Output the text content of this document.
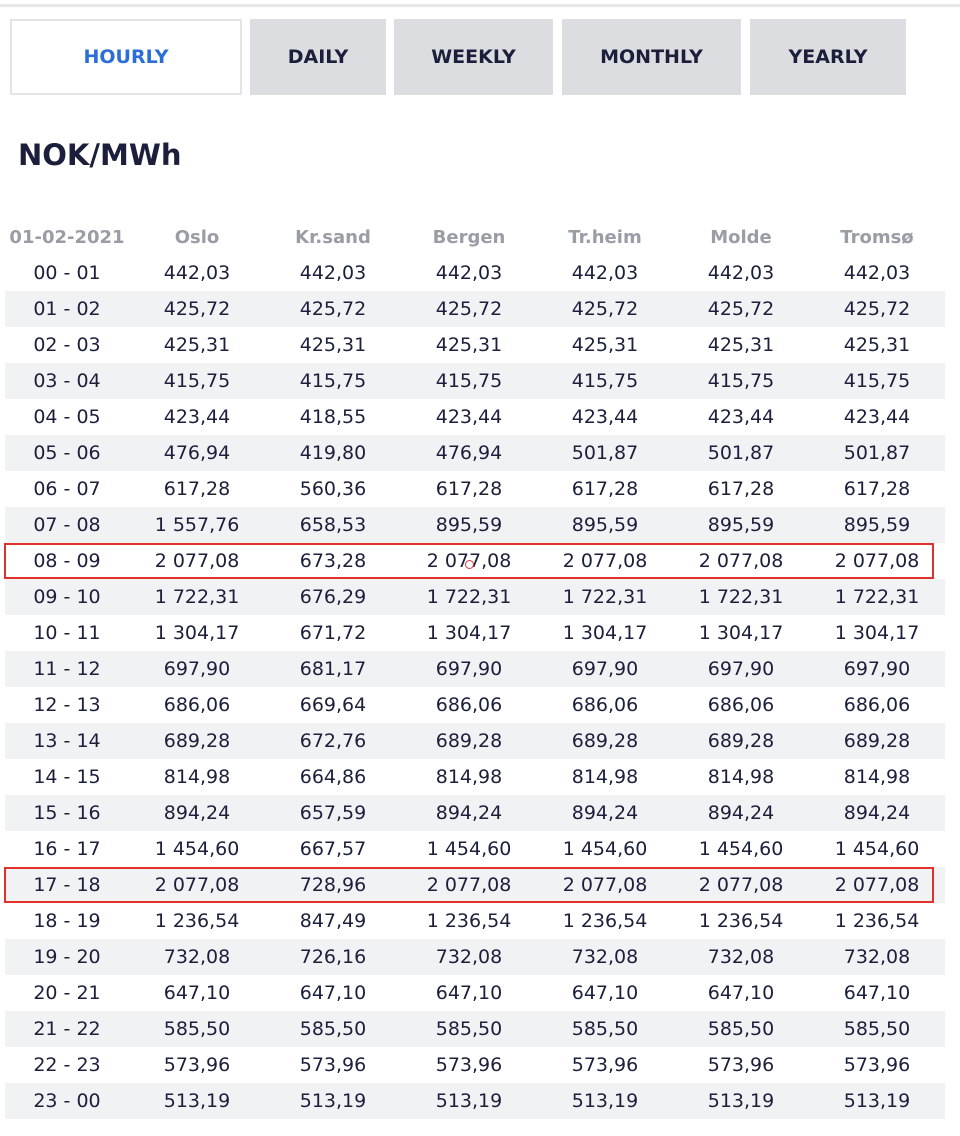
HOURLY	DAILY	WEEKLY	MONTHLY	YEARLY
NOK/MWh
01-02-2021	Oslo	Kr.sand	Bergen	Tr.heim	Molde	Tromsø
00 - 01	442,03	442,03	442,03	442,03	442,03	442,03
01 - 02	425,72	425,72	425,72	425,72	425,72	425,72
02 - 03	425,31	425,31	425,31	425,31	425,31	425,31
03 - 04	415,75	415,75	415,75	415,75	415,75	415,75
04 - 05	423,44	418,55	423,44	423,44	423,44	423,44
05 - 06	476,94	419,80	476,94	501,87	501,87	501,87
06 - 07	617,28	560,36	617,28	617,28	617,28	617,28
07 - 08	1 557,76	658,53	895,59	895,59	895,59	895,59
08 - 09	2 077,08	673,28	2 077,08	2 077,08	2 077,08	2 077,08
09 - 10	1 722,31	676,29	1 722,31	1 722,31	1 722,31	1 722,31
10 - 11	1 304,17	671,72	1 304,17	1 304,17	1 304,17	1 304,17
11 - 12	697,90	681,17	697,90	697,90	697,90	697,90
12 - 13	686,06	669,64	686,06	686,06	686,06	686,06
13 - 14	689,28	672,76	689,28	689,28	689,28	689,28
14 - 15	814,98	664,86	814,98	814,98	814,98	814,98
15 - 16	894,24	657,59	894,24	894,24	894,24	894,24
16 - 17	1 454,60	667,57	1 454,60	1 454,60	1 454,60	1 454,60
17 - 18	2 077,08	728,96	2 077,08	2 077,08	2 077,08	2 077,08
18 - 19	1 236,54	847,49	1 236,54	1 236,54	1 236,54	1 236,54
19 - 20	732,08	726,16	732,08	732,08	732,08	732,08
20 - 21	647,10	647,10	647,10	647,10	647,10	647,10
21 - 22	585,50	585,50	585,50	585,50	585,50	585,50
22 - 23	573,96	573,96	573,96	573,96	573,96	573,96
23 - 00	513,19	513,19	513,19	513,19	513,19	513,19
